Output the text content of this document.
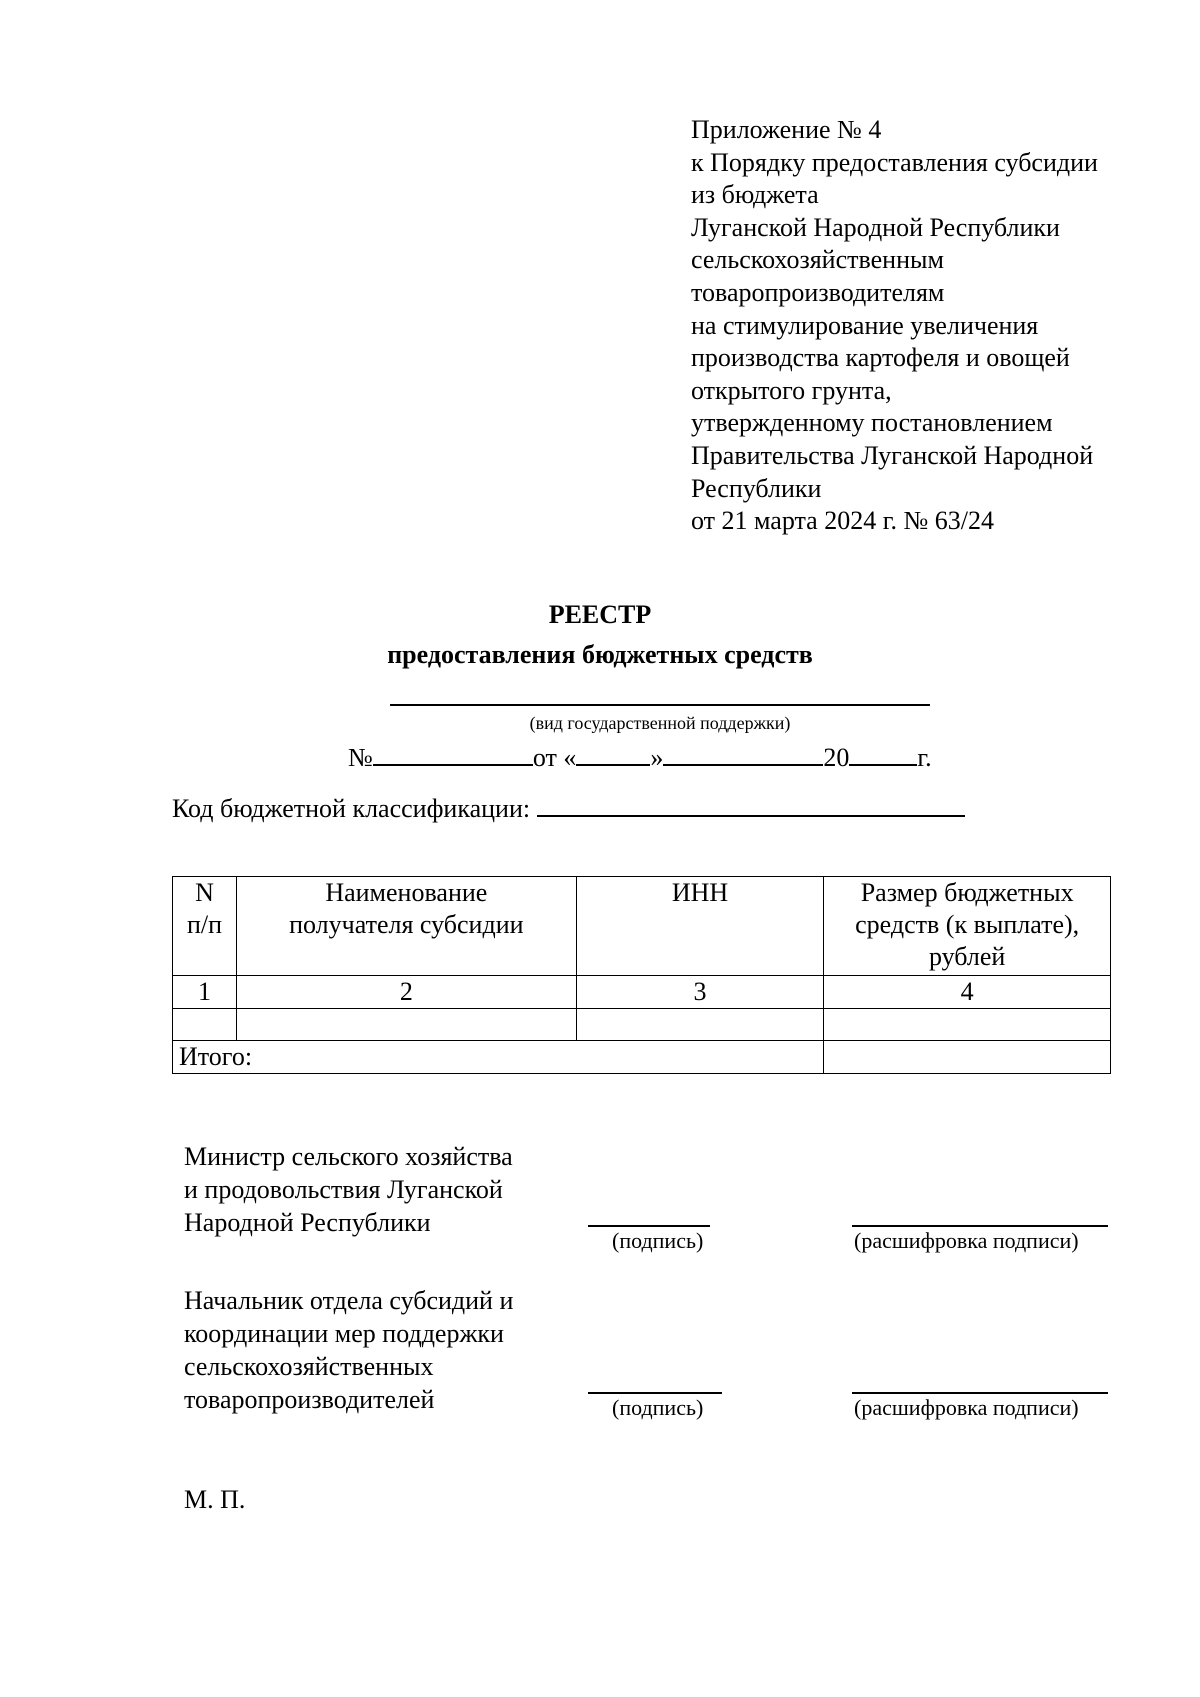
Приложение № 4
к Порядку предоставления субсидии
из бюджета
Луганской Народной Республики
сельскохозяйственным
товаропроизводителям
на стимулирование увеличения
производства картофеля и овощей
открытого грунта,
утвержденному постановлением
Правительства Луганской Народной
Республики
от 21 марта 2024 г. № 63/24
РЕЕСТР
предоставления бюджетных средств
(вид государственной поддержки)
№	от «	»	20	г.
Код бюджетной классификации:
N п/п	Наименование получателя субсидии	ИНН	Размер бюджетных средств (к выплате), рублей
1	2	3	4

Итого:			
Министр сельского хозяйства
и продовольствия Луганской
Народной Республики
(подпись)	(расшифровка подписи)
Начальник отдела субсидий и
координации мер поддержки
сельскохозяйственных
товаропроизводителей	(подпись)	(расшифровка подписи)
М. П.
